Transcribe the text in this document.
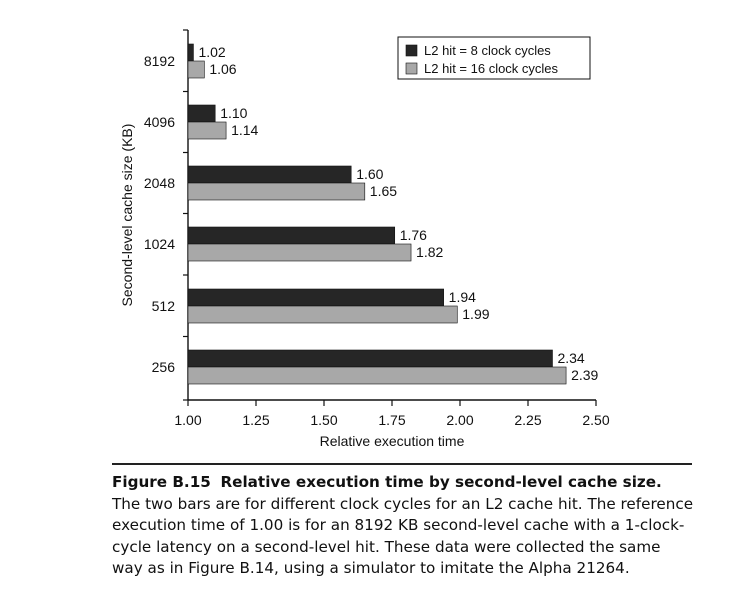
1.00	1.25	1.50	1.75	2.00	2.25	2.50
8192
4096
2048
1024
512
256
1.02
1.10
1.60
1.76
1.94
2.34
1.06
1.14
1.65
1.82
1.99
2.39
Relative execution time
Second-level cache size (KB)
L2 hit = 8 clock cycles
L2 hit = 16 clock cycles
Figure B.15 Relative execution time by second-level cache size. The two bars are for different clock cycles for an L2 cache hit. The reference execution time of 1.00 is for an 8192 KB second-level cache with a 1-clock-cycle latency on a second-level hit. These data were collected the same way as in Figure B.14, using a simulator to imitate the Alpha 21264.
